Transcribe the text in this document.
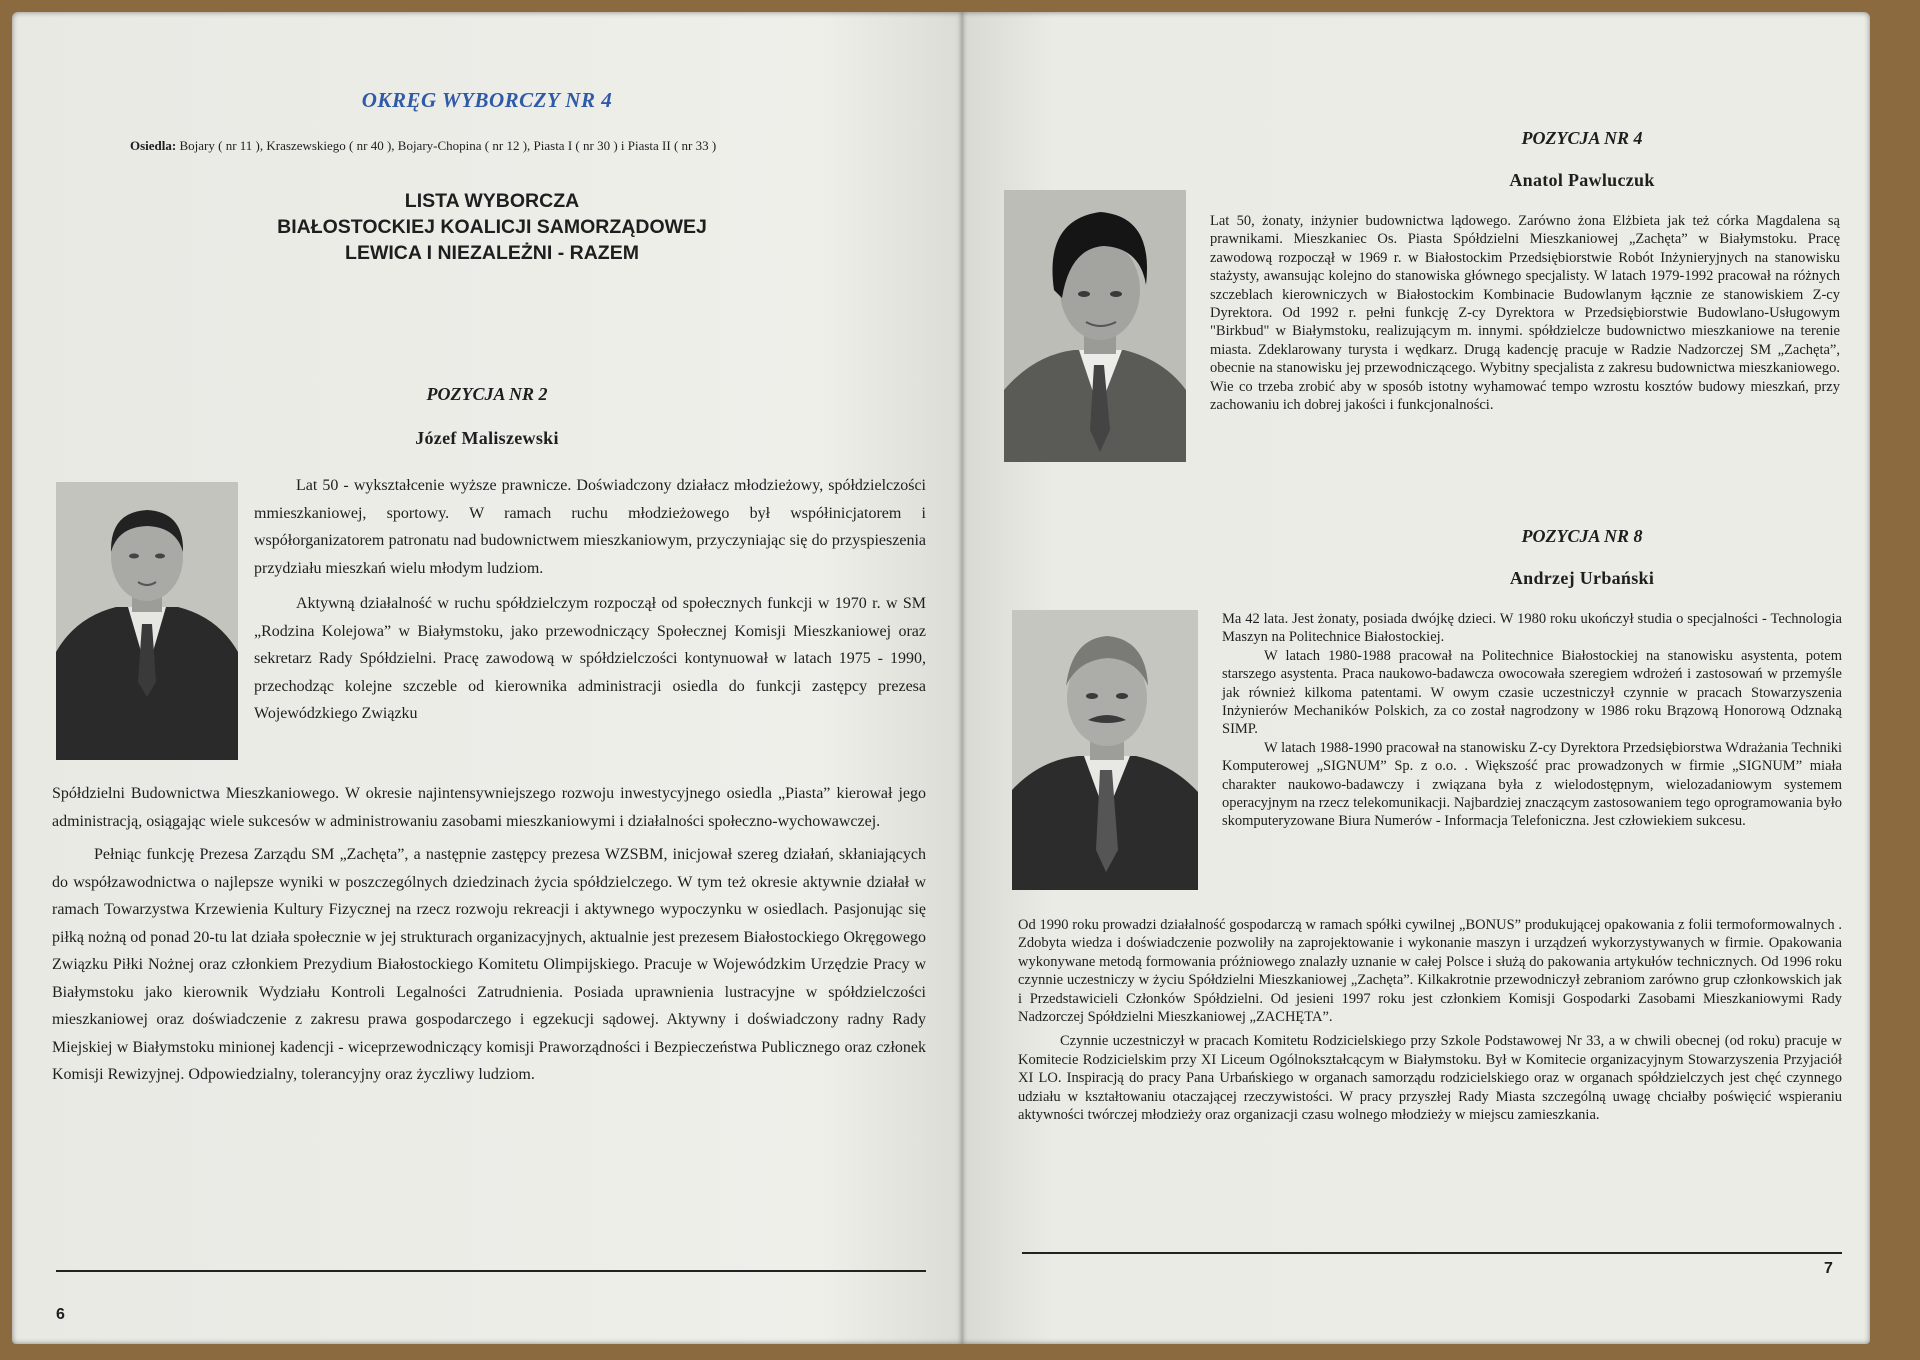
OKRĘG WYBORCZY NR 4
Osiedla: Bojary ( nr 11 ), Kraszewskiego ( nr 40 ), Bojary-Chopina ( nr 12 ), Piasta I ( nr 30 ) i Piasta II ( nr 33 )
LISTA WYBORCZA
BIAŁOSTOCKIEJ KOALICJI SAMORZĄDOWEJ
LEWICA I NIEZALEŻNI - RAZEM
POZYCJA NR 2
Józef Maliszewski

Lat 50 - wykształcenie wyższe prawnicze. Doświadczony działacz młodzieżowy, spółdzielczości mmieszkaniowej, sportowy. W ramach ruchu młodzieżowego był współinicjatorem i współorganizatorem patronatu nad budownictwem mieszkaniowym, przyczyniając się do przyspieszenia przydziału mieszkań wielu młodym ludziom.

Aktywną działalność w ruchu spółdzielczym rozpoczął od społecznych funkcji w 1970 r. w SM „Rodzina Kolejowa” w Białymstoku, jako przewodniczący Społecznej Komisji Mieszkaniowej oraz sekretarz Rady Spółdzielni. Pracę zawodową w spółdzielczości kontynuował w latach 1975 - 1990, przechodząc kolejne szczeble od kierownika administracji osiedla do funkcji zastępcy prezesa Wojewódzkiego Związku

Spółdzielni Budownictwa Mieszkaniowego. W okresie najintensywniejszego rozwoju inwestycyjnego osiedla „Piasta” kierował jego administracją, osiągając wiele sukcesów w administrowaniu zasobami mieszkaniowymi i działalności społeczno-wychowawczej.

Pełniąc funkcję Prezesa Zarządu SM „Zachęta”, a następnie zastępcy prezesa WZSBM, inicjował szereg działań, skłaniających do współzawodnictwa o najlepsze wyniki w poszczególnych dziedzinach życia spółdzielczego. W tym też okresie aktywnie działał w ramach Towarzystwa Krzewienia Kultury Fizycznej na rzecz rozwoju rekreacji i aktywnego wypoczynku w osiedlach. Pasjonując się piłką nożną od ponad 20-tu lat działa społecznie w jej strukturach organizacyjnych, aktualnie jest prezesem Białostockiego Okręgowego Związku Piłki Nożnej oraz członkiem Prezydium Białostockiego Komitetu Olimpijskiego. Pracuje w Wojewódzkim Urzędzie Pracy w Białymstoku jako kierownik Wydziału Kontroli Legalności Zatrudnienia. Posiada uprawnienia lustracyjne w spółdzielczości mieszkaniowej oraz doświadczenie z zakresu prawa gospodarczego i egzekucji sądowej. Aktywny i doświadczony radny Rady Miejskiej w Białymstoku minionej kadencji - wiceprzewodniczący komisji Praworządności i Bezpieczeństwa Publicznego oraz członek Komisji Rewizyjnej. Odpowiedzialny, tolerancyjny oraz życzliwy ludziom.

6
POZYCJA NR 4
Anatol Pawluczuk
Lat 50, żonaty, inżynier budownictwa lądowego. Zarówno żona Elżbieta jak też córka Magdalena są prawnikami. Mieszkaniec Os. Piasta Spółdzielni Mieszkaniowej „Zachęta” w Białymstoku. Pracę zawodową rozpoczął w 1969 r. w Białostockim Przedsiębiorstwie Robót Inżynieryjnych na stanowisku stażysty, awansując kolejno do stanowiska głównego specjalisty. W latach 1979-1992 pracował na różnych szczeblach kierowniczych w Białostockim Kombinacie Budowlanym łącznie ze stanowiskiem Z-cy Dyrektora. Od 1992 r. pełni funkcję Z-cy Dyrektora w Przedsiębiorstwie Budowlano-Usługowym "Birkbud" w Białymstoku, realizującym m. innymi. spółdzielcze budownictwo mieszkaniowe na terenie miasta. Zdeklarowany turysta i wędkarz. Drugą kadencję pracuje w Radzie Nadzorczej SM „Zachęta”, obecnie na stanowisku jej przewodniczącego. Wybitny specjalista z zakresu budownictwa mieszkaniowego. Wie co trzeba zrobić aby w sposób istotny wyhamować tempo wzrostu kosztów budowy mieszkań, przy zachowaniu ich dobrej jakości i funkcjonalności.
POZYCJA NR 8
Andrzej Urbański

Ma 42 lata. Jest żonaty, posiada dwójkę dzieci. W 1980 roku ukończył studia o specjalności - Technologia Maszyn na Politechnice Białostockiej.

W latach 1980-1988 pracował na Politechnice Białostockiej na stanowisku asystenta, potem starszego asystenta. Praca naukowo-badawcza owocowała szeregiem wdrożeń i zastosowań w przemyśle jak również kilkoma patentami. W owym czasie uczestniczył czynnie w pracach Stowarzyszenia Inżynierów Mechaników Polskich, za co został nagrodzony w 1986 roku Brązową Honorową Odznaką SIMP.

W latach 1988-1990 pracował na stanowisku Z-cy Dyrektora Przedsiębiorstwa Wdrażania Techniki Komputerowej „SIGNUM” Sp. z o.o. . Większość prac prowadzonych w firmie „SIGNUM” miała charakter naukowo-badawczy i związana była z wielodostępnym, wielozadaniowym systemem operacyjnym na rzecz telekomunikacji. Najbardziej znaczącym zastosowaniem tego oprogramowania było skomputeryzowane Biura Numerów - Informacja Telefoniczna. Jest człowiekiem sukcesu.

Od 1990 roku prowadzi działalność gospodarczą w ramach spółki cywilnej „BONUS” produkującej opakowania z folii termoformowalnych . Zdobyta wiedza i doświadczenie pozwoliły na zaprojektowanie i wykonanie maszyn i urządzeń wykorzystywanych w firmie. Opakowania wykonywane metodą formowania próżniowego znalazły uznanie w całej Polsce i służą do pakowania artykułów technicznych. Od 1996 roku czynnie uczestniczy w życiu Spółdzielni Mieszkaniowej „Zachęta”. Kilkakrotnie przewodniczył zebraniom zarówno grup członkowskich jak i Przedstawicieli Członków Spółdzielni. Od jesieni 1997 roku jest członkiem Komisji Gospodarki Zasobami Mieszkaniowymi Rady Nadzorczej Spółdzielni Mieszkaniowej „ZACHĘTA”.

Czynnie uczestniczył w pracach Komitetu Rodzicielskiego przy Szkole Podstawowej Nr 33, a w chwili obecnej (od roku) pracuje w Komitecie Rodzicielskim przy XI Liceum Ogólnokształcącym w Białymstoku. Był w Komitecie organizacyjnym Stowarzyszenia Przyjaciół XI LO. Inspiracją do pracy Pana Urbańskiego w organach samorządu rodzicielskiego oraz w organach spółdzielczych jest chęć czynnego udziału w kształtowaniu otaczającej rzeczywistości. W pracy przyszłej Rady Miasta szczególną uwagę chciałby poświęcić wspieraniu aktywności twórczej młodzieży oraz organizacji czasu wolnego młodzieży w miejscu zamieszkania.

7
